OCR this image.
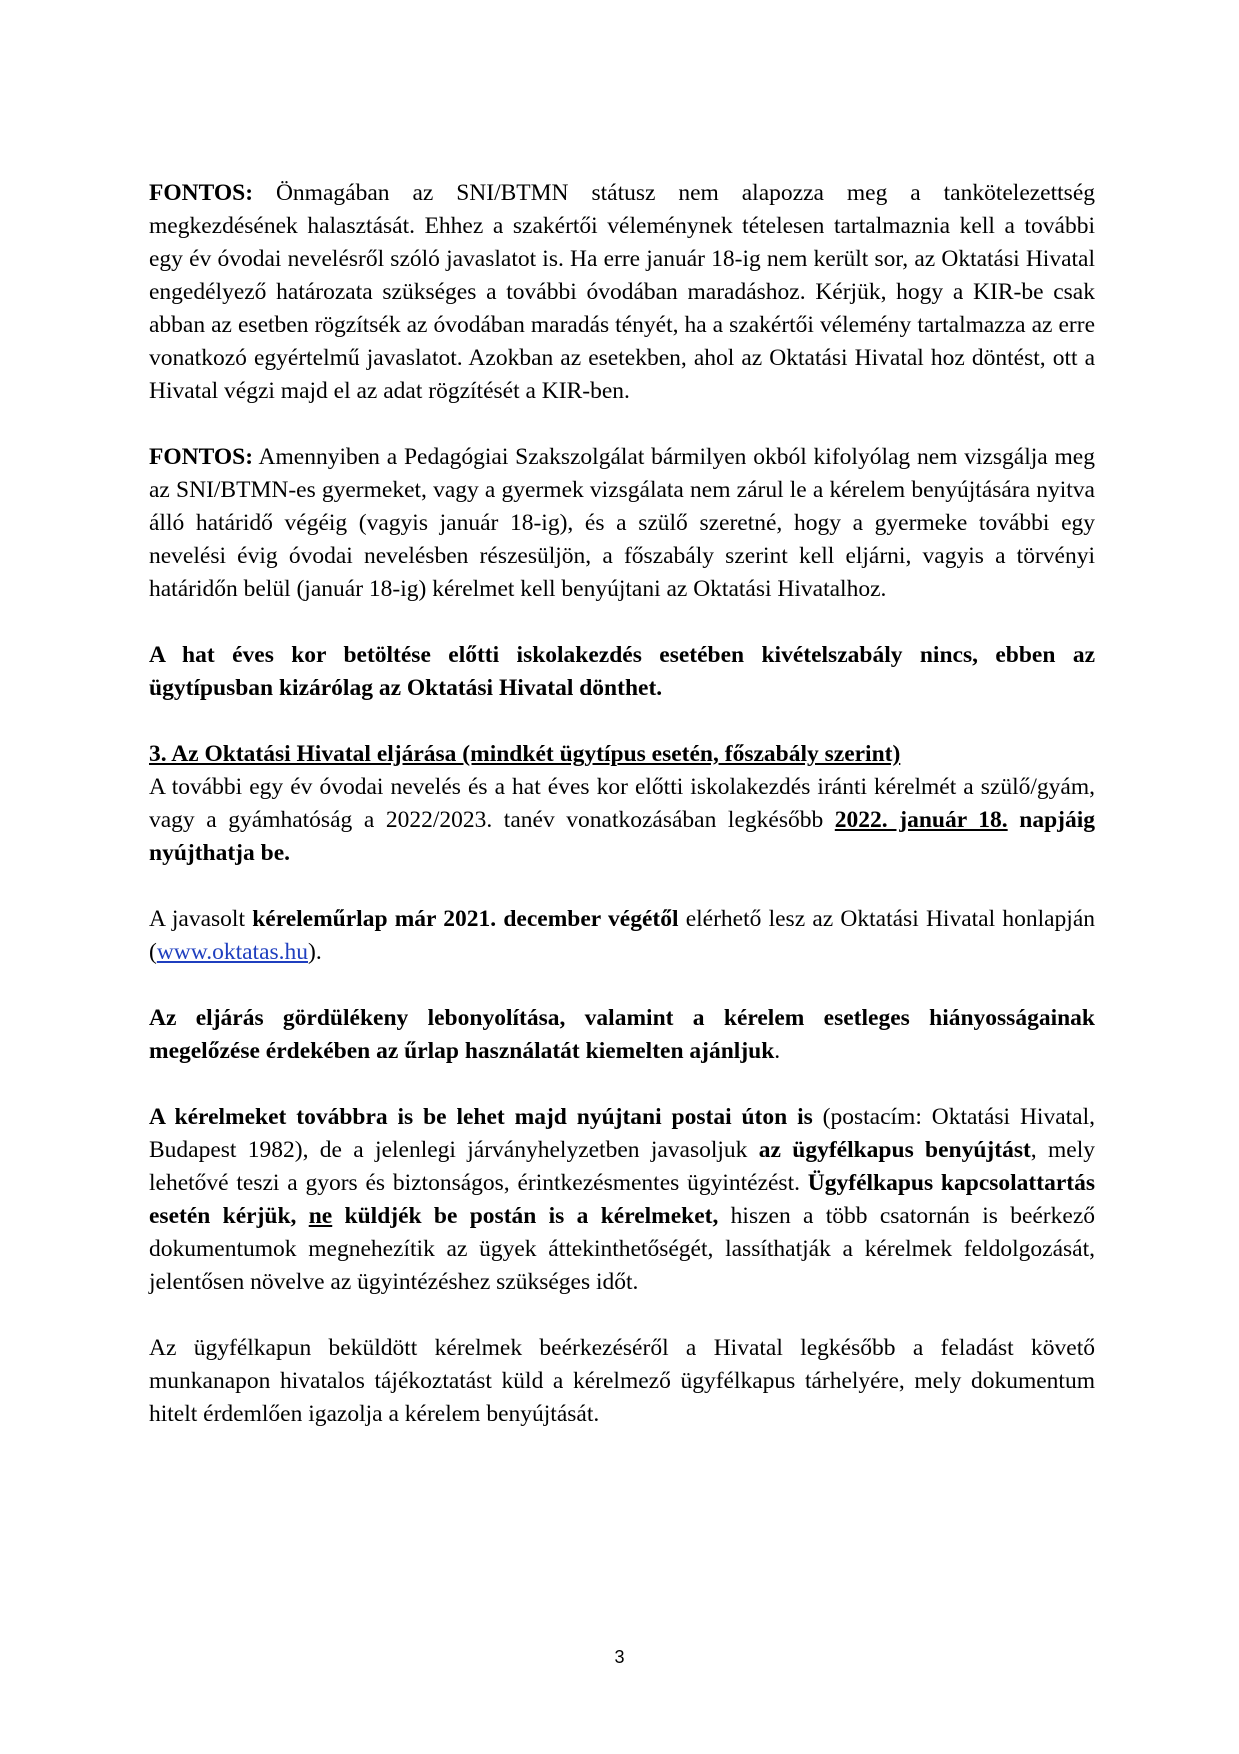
FONTOS: Önmagában az SNI/BTMN státusz nem alapozza meg a tankötelezettség megkezdésének halasztását. Ehhez a szakértői véleménynek tételesen tartalmaznia kell a további egy év óvodai nevelésről szóló javaslatot is. Ha erre január 18-ig nem került sor, az Oktatási Hivatal engedélyező határozata szükséges a további óvodában maradáshoz. Kérjük, hogy a KIR-be csak abban az esetben rögzítsék az óvodában maradás tényét, ha a szakértői vélemény tartalmazza az erre vonatkozó egyértelmű javaslatot. Azokban az esetekben, ahol az Oktatási Hivatal hoz döntést, ott a Hivatal végzi majd el az adat rögzítését a KIR-ben.

FONTOS: Amennyiben a Pedagógiai Szakszolgálat bármilyen okból kifolyólag nem vizsgálja meg az SNI/BTMN-es gyermeket, vagy a gyermek vizsgálata nem zárul le a kérelem benyújtására nyitva álló határidő végéig (vagyis január 18-ig), és a szülő szeretné, hogy a gyermeke további egy nevelési évig óvodai nevelésben részesüljön, a főszabály szerint kell eljárni, vagyis a törvényi határidőn belül (január 18-ig) kérelmet kell benyújtani az Oktatási Hivatalhoz.

A hat éves kor betöltése előtti iskolakezdés esetében kivételszabály nincs, ebben az ügytípusban kizárólag az Oktatási Hivatal dönthet.

3. Az Oktatási Hivatal eljárása (mindkét ügytípus esetén, főszabály szerint)
A további egy év óvodai nevelés és a hat éves kor előtti iskolakezdés iránti kérelmét a szülő/gyám, vagy a gyámhatóság a 2022/2023. tanév vonatkozásában legkésőbb 2022. január 18. napjáig nyújthatja be.

A javasolt kéreleműrlap már 2021. december végétől elérhető lesz az Oktatási Hivatal honlapján (www.oktatas.hu).

Az eljárás gördülékeny lebonyolítása, valamint a kérelem esetleges hiányosságainak megelőzése érdekében az űrlap használatát kiemelten ajánljuk.

A kérelmeket továbbra is be lehet majd nyújtani postai úton is (postacím: Oktatási Hivatal, Budapest 1982), de a jelenlegi járványhelyzetben javasoljuk az ügyfélkapus benyújtást, mely lehetővé teszi a gyors és biztonságos, érintkezésmentes ügyintézést. Ügyfélkapus kapcsolattartás esetén kérjük, ne küldjék be postán is a kérelmeket, hiszen a több csatornán is beérkező dokumentumok megnehezítik az ügyek áttekinthetőségét, lassíthatják a kérelmek feldolgozását, jelentősen növelve az ügyintézéshez szükséges időt.

Az ügyfélkapun beküldött kérelmek beérkezéséről a Hivatal legkésőbb a feladást követő munkanapon hivatalos tájékoztatást küld a kérelmező ügyfélkapus tárhelyére, mely dokumentum hitelt érdemlően igazolja a kérelem benyújtását.

3
